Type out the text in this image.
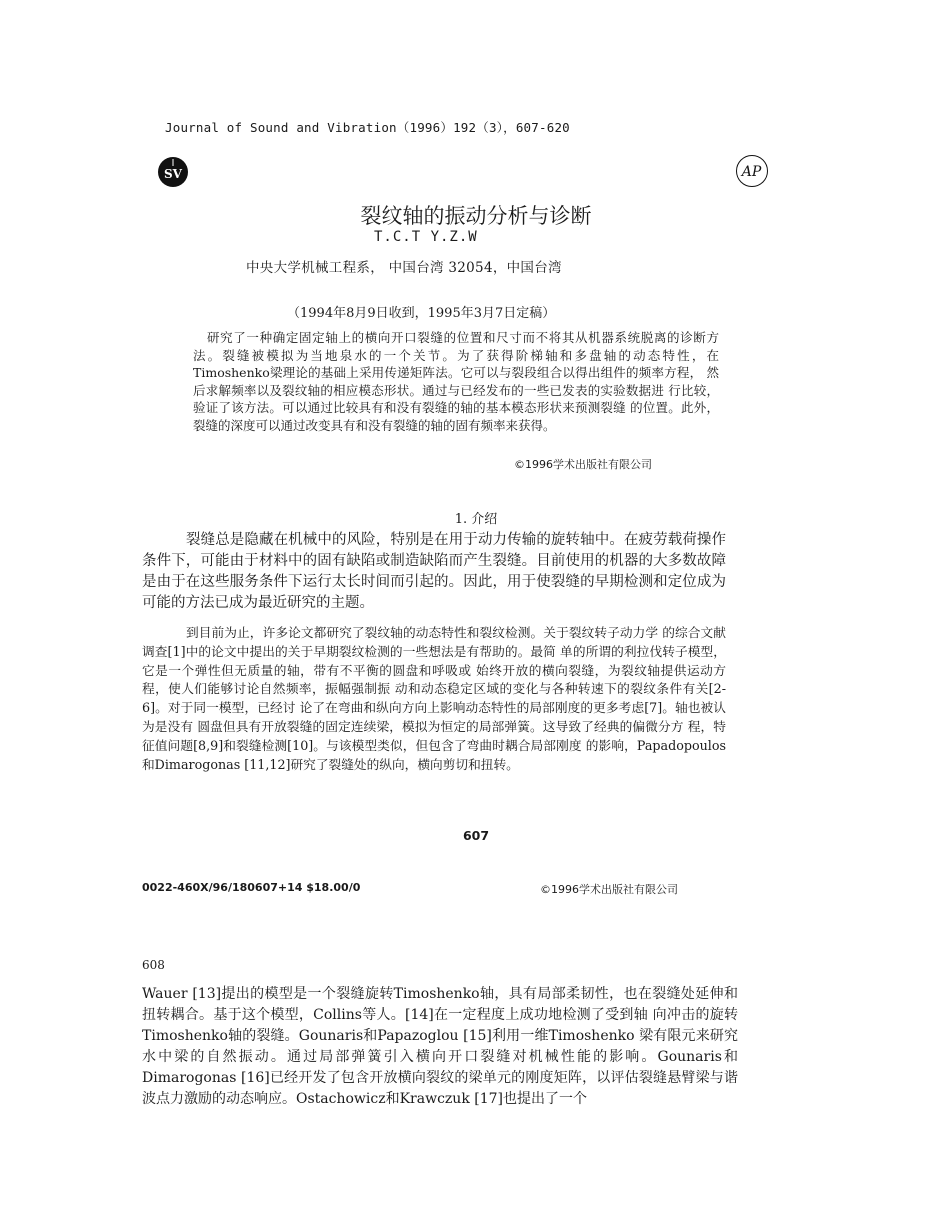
Journal of Sound and Vibration（1996）192（3），607-620
SV	AP
裂纹轴的振动分析与诊断
T.C.T Y.Z.W
中央大学机械工程系， 中国台湾 32054，中国台湾
（1994年8月9日收到，1995年3月7日定稿）

研究了一种确定固定轴上的横向开口裂缝的位置和尺寸而不将其从机器系统脱离的诊断方法。裂缝被模拟为当地泉水的一个关节。为了获得阶梯轴和多盘轴的动态特性，在Timoshenko梁理论的基础上采用传递矩阵法。它可以与裂段组合以得出组件的频率方程， 然后求解频率以及裂纹轴的相应模态形状。通过与已经发布的一些已发表的实验数据进 行比较，验证了该方法。可以通过比较具有和没有裂缝的轴的基本模态形状来预测裂缝 的位置。此外，裂缝的深度可以通过改变具有和没有裂缝的轴的固有频率来获得。

©1996学术出版社有限公司
1. 介绍

裂缝总是隐藏在机械中的风险，特别是在用于动力传输的旋转轴中。在疲劳载荷操作条件下，可能由于材料中的固有缺陷或制造缺陷而产生裂缝。目前使用的机器的大多数故障是由于在这些服务条件下运行太长时间而引起的。因此，用于使裂缝的早期检测和定位成为可能的方法已成为最近研究的主题。

到目前为止，许多论文都研究了裂纹轴的动态特性和裂纹检测。关于裂纹转子动力学 的综合文献调查[1]中的论文中提出的关于早期裂纹检测的一些想法是有帮助的。最简 单的所谓的利拉伐转子模型，它是一个弹性但无质量的轴，带有不平衡的圆盘和呼吸或 始终开放的横向裂缝，为裂纹轴提供运动方程，使人们能够讨论自然频率，振幅强制振 动和动态稳定区域的变化与各种转速下的裂纹条件有关[2-6]。对于同一模型，已经讨 论了在弯曲和纵向方向上影响动态特性的局部刚度的更多考虑[7]。轴也被认为是没有 圆盘但具有开放裂缝的固定连续梁，模拟为恒定的局部弹簧。这导致了经典的偏微分方 程，特征值问题[8,9]和裂缝检测[10]。与该模型类似，但包含了弯曲时耦合局部刚度 的影响，Papadopoulos和Dimarogonas [11,12]研究了裂缝处的纵向，横向剪切和扭转。

607
0022-460X/96/180607+14 $18.00/0	©1996学术出版社有限公司
608

Wauer [13]提出的模型是一个裂缝旋转Timoshenko轴，具有局部柔韧性，也在裂缝处延伸和扭转耦合。基于这个模型，Collins等人。[14]在一定程度上成功地检测了受到轴 向冲击的旋转Timoshenko轴的裂缝。Gounaris和Papazoglou [15]利用一维Timoshenko 梁有限元来研究水中梁的自然振动。通过局部弹簧引入横向开口裂缝对机械性能的影响。Gounaris和Dimarogonas [16]已经开发了包含开放横向裂纹的梁单元的刚度矩阵，以评估裂缝悬臂梁与谐波点力激励的动态响应。Ostachowicz和Krawczuk [17]也提出了一个
